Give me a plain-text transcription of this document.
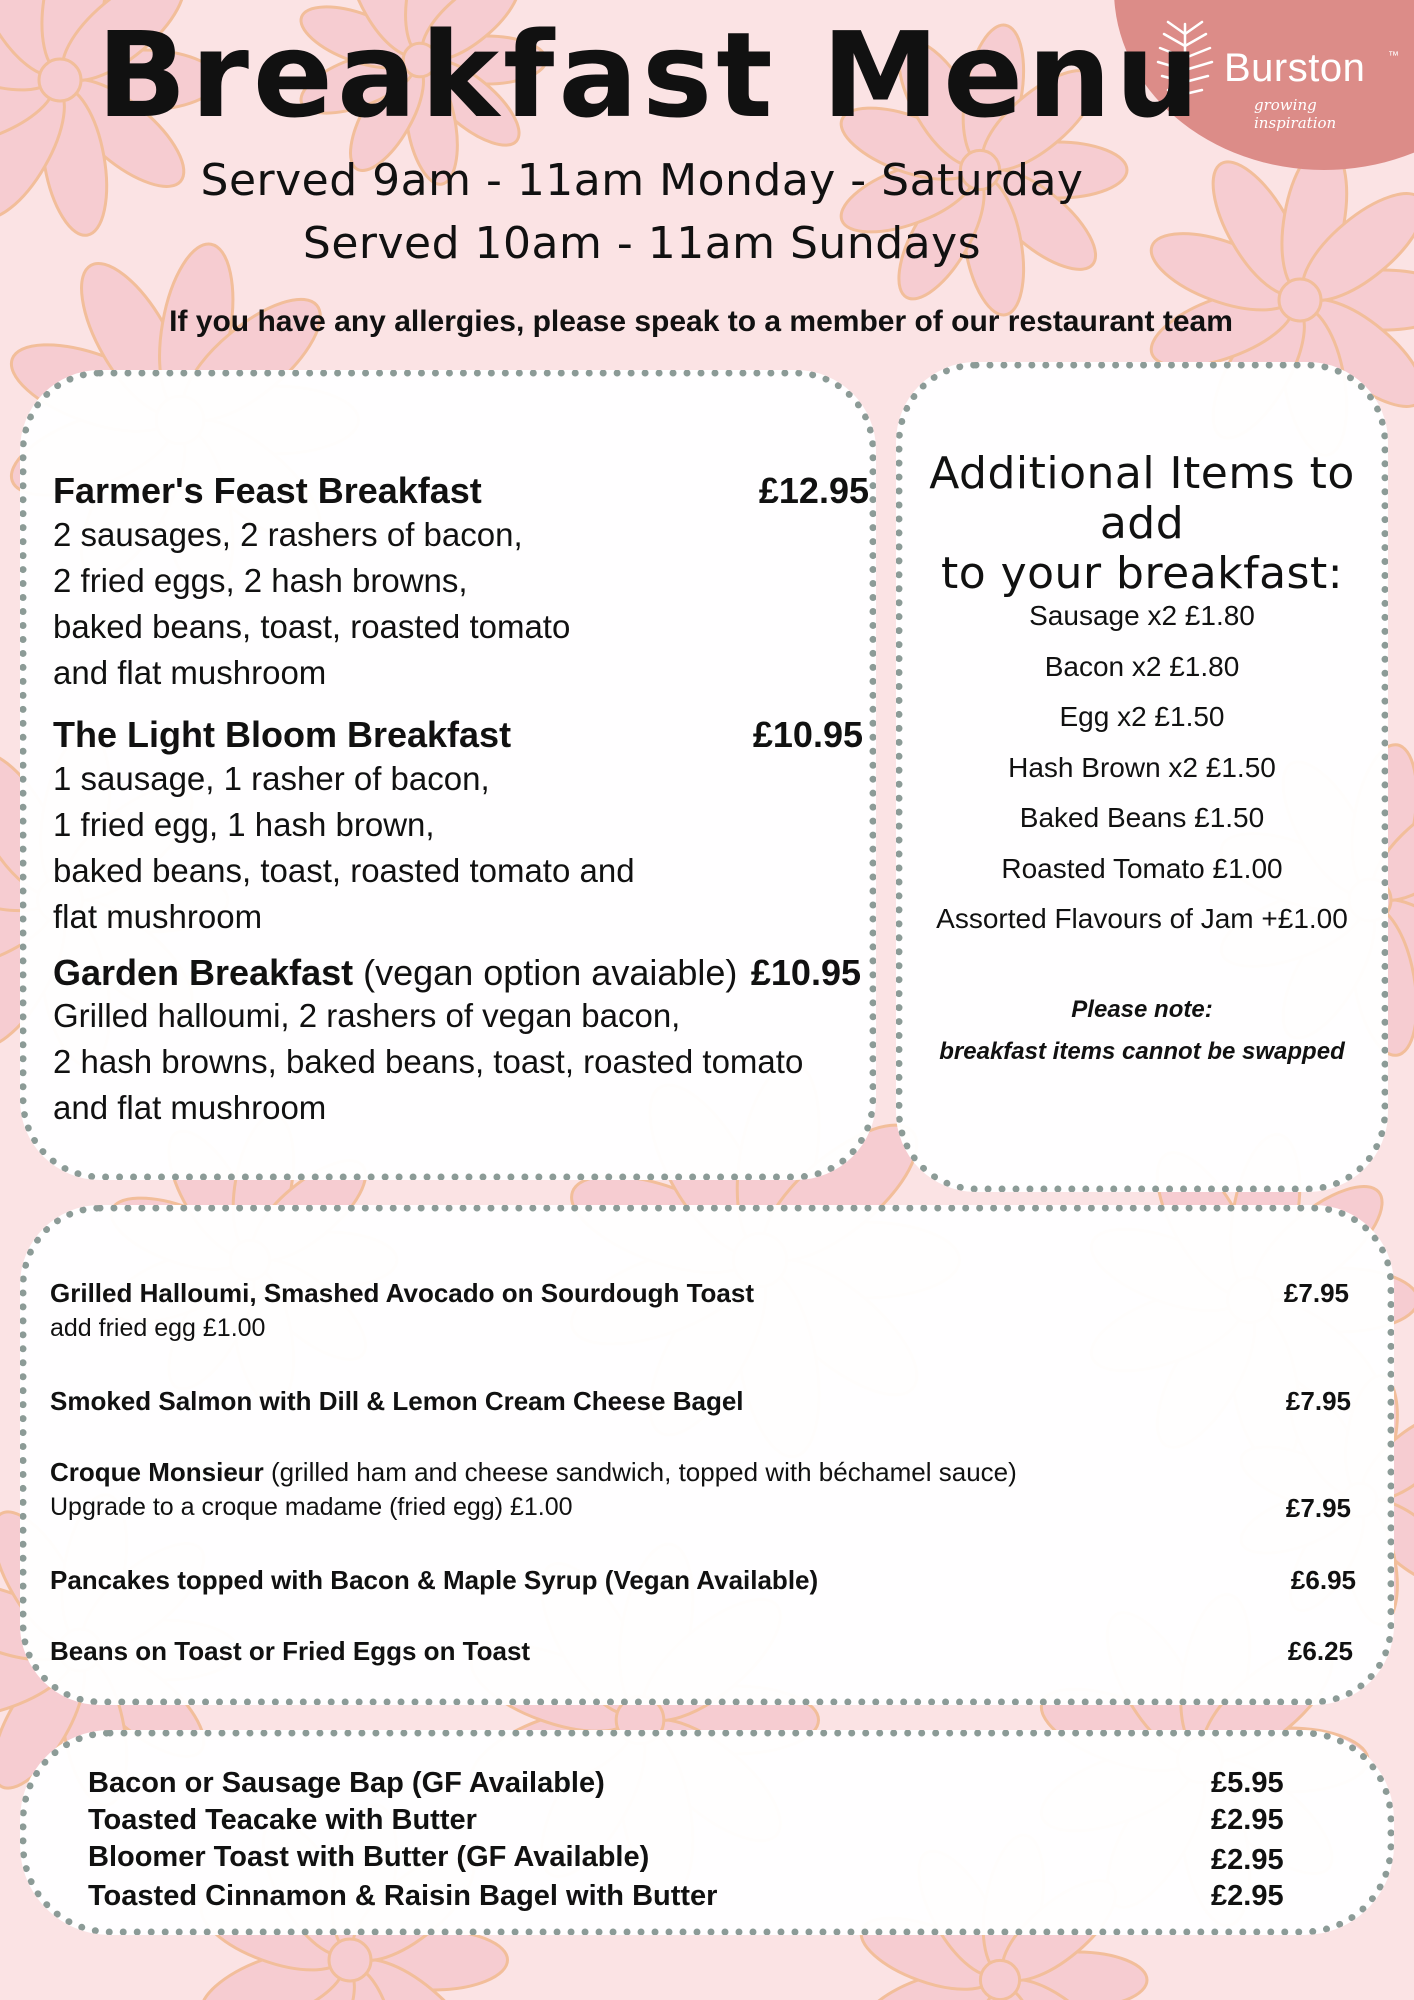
Burston ™
growing inspiration
Breakfast Menu
Served 9am - 11am Monday - Saturday
Served 10am - 11am Sundays
If you have any allergies, please speak to a member of our restaurant team
Farmer's Feast Breakfast	£12.95
2 sausages, 2 rashers of bacon,
2 fried eggs, 2 hash browns,
baked beans, toast, roasted tomato
and flat mushroom
The Light Bloom Breakfast	£10.95
1 sausage, 1 rasher of bacon,
1 fried egg, 1 hash brown,
baked beans, toast, roasted tomato and
flat mushroom
Garden Breakfast (vegan option avaiable) £10.95
Grilled halloumi, 2 rashers of vegan bacon,
2 hash browns, baked beans, toast, roasted tomato
and flat mushroom
Additional Items to add
to your breakfast:
Sausage x2 £1.80
Bacon x2 £1.80
Egg x2 £1.50
Hash Brown x2 £1.50
Baked Beans £1.50
Roasted Tomato £1.00
Assorted Flavours of Jam +£1.00
Please note:
breakfast items cannot be swapped
Grilled Halloumi, Smashed Avocado on Sourdough Toast
add fried egg £1.00
£7.95
Smoked Salmon with Dill & Lemon Cream Cheese Bagel	£7.95
Croque Monsieur (grilled ham and cheese sandwich, topped with béchamel sauce)
Upgrade to a croque madame (fried egg) £1.00	£7.95
Pancakes topped with Bacon & Maple Syrup (Vegan Available)	£6.95
Beans on Toast or Fried Eggs on Toast	£6.25
Bacon or Sausage Bap (GF Available)	£5.95
Toasted Teacake with Butter	£2.95
Bloomer Toast with Butter (GF Available)	£2.95
Toasted Cinnamon & Raisin Bagel with Butter	£2.95
